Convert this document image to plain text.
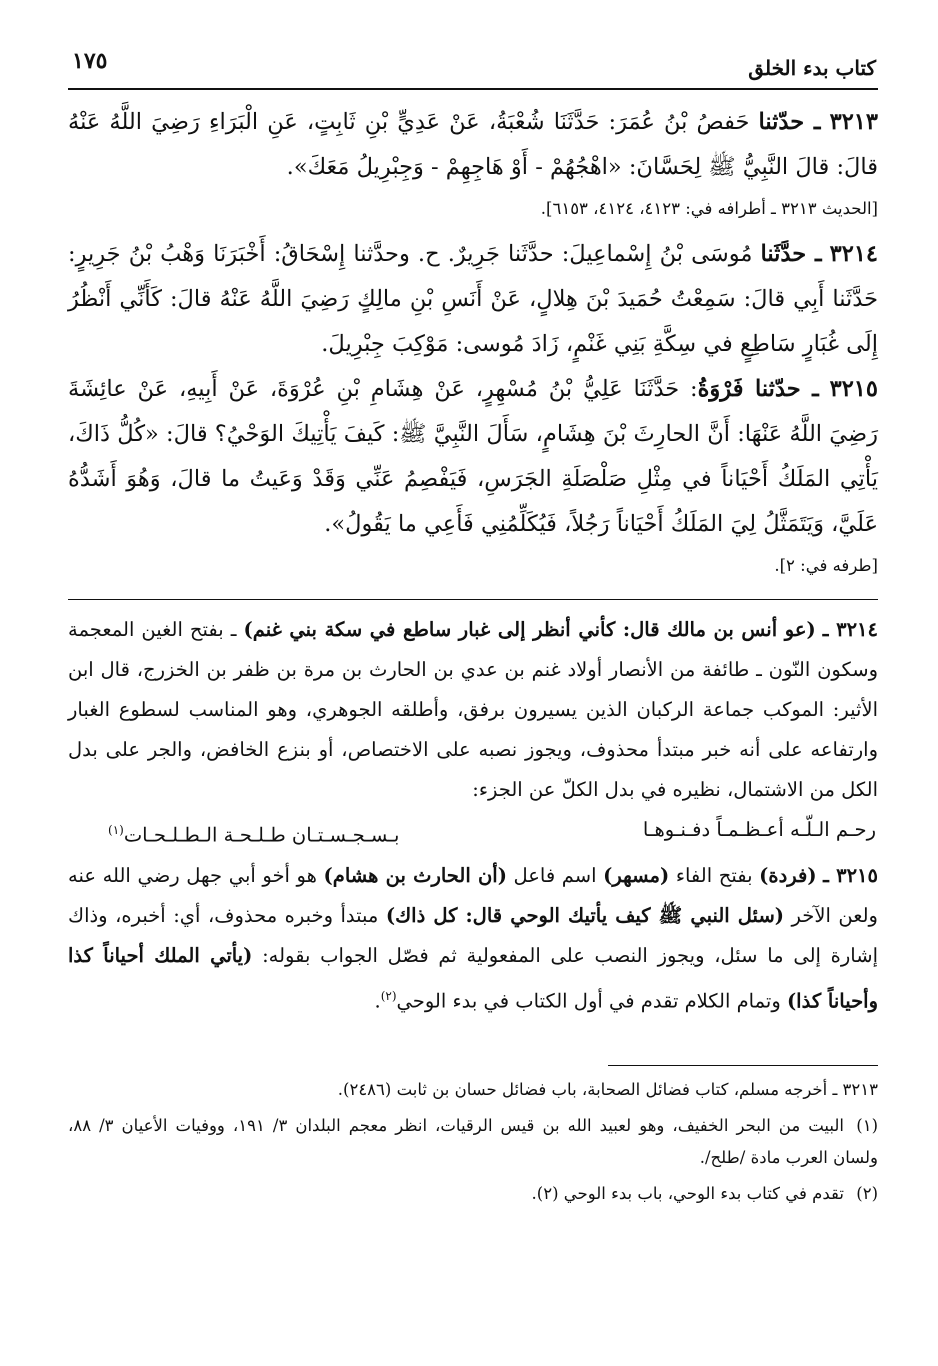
كتاب بدء الخلق
١٧٥

٣٢١٣ ـ حدّثنا حَفصُ بْنُ عُمَرَ: حَدَّثَنَا شُعْبَةُ، عَنْ عَدِيٍّ بْنِ ثَابِتٍ، عَنِ الْبَرَاءِ رَضِيَ اللَّهُ عَنْهُ قالَ: قالَ النَّبِيُّ ﷺ لِحَسَّانَ: «اهْجُهُمْ - أَوْ هَاجِهِمْ - وَجِبْرِيلُ مَعَكَ».

[الحديث ٣٢١٣ ـ أطرافه في: ٤١٢٣، ٤١٢٤، ٦١٥٣].

٣٢١٤ ـ حدَّثَنا مُوسَى بْنُ إِسْماعِيلَ: حدَّثَنا جَرِيرٌ. ح. وحدَّثنا إِسْحَاقُ: أَخْبَرَنَا وَهْبُ بْنُ جَرِيرٍ: حَدَّثَنا أَبِي قالَ: سَمِعْتُ حُمَيدَ بْنَ هِلالٍ، عَنْ أَنَسِ بْنِ مالِكٍ رَضِيَ اللَّهُ عَنْهُ قالَ: كَأَنِّي أَنْظُرُ إِلَى غُبَارٍ سَاطِعٍ في سِكَّةِ بَنِي غَنْمٍ، زَادَ مُوسى: مَوْكِبَ جِبْرِيلَ.

٣٢١٥ ـ حدّثنا فَرْوَةُ: حَدَّثَنَا عَلِيُّ بْنُ مُسْهِرٍ، عَنْ هِشَامِ بْنِ عُرْوَةَ، عَنْ أَبِيهِ، عَنْ عائِشَةَ رَضِيَ اللَّهُ عَنْهَا: أَنَّ الحارِثَ بْنَ هِشَامٍ، سَأَلَ النَّبِيَّ ﷺ: كَيفَ يَأْتِيكَ الوَحْيُ؟ قالَ: «كُلُّ ذَاكَ، يَأْتِي المَلَكُ أَحْيَاناً في مِثْلِ صَلْصَلَةِ الجَرَسِ، فَيَفْصِمُ عَنِّي وَقَدْ وَعَيتُ ما قالَ، وَهُوَ أَشَدُّهُ عَلَيَّ، وَيَتَمَثَّلُ لِيَ المَلَكُ أَحْيَاناً رَجُلاً، فَيُكَلِّمُنِي فَأَعِي ما يَقُولُ».

[طرفه في: ٢].

٣٢١٤ ـ (عو أنس بن مالك قال: كأني أنظر إلى غبار ساطع في سكة بني غنم) ـ بفتح الغين المعجمة وسكون النّون ـ طائفة من الأنصار أولاد غنم بن عدي بن الحارث بن مرة بن ظفر بن الخزرج، قال ابن الأثير: الموكب جماعة الركبان الذين يسيرون برفق، وأطلقه الجوهري، وهو المناسب لسطوع الغبار وارتفاعه على أنه خبر مبتدأ محذوف، ويجوز نصبه على الاختصاص، أو بنزع الخافض، والجر على بدل الكل من الاشتمال، نظيره في بدل الكلّ عن الجزء:

رحـم الـلّـه أعـظـمـاً دفـنـوهـا
بـسـجـسـتـان طـلـحـة الـطـلـحـات$^{(١)}$

٣٢١٥ ـ (فردة) بفتح الفاء (مسهر) اسم فاعل (أن الحارث بن هشام) هو أخو أبي جهل رضي الله عنه ولعن الآخر (سئل النبي ﷺ كيف يأتيك الوحي قال: كل ذاك) مبتدأ وخبره محذوف، أي: أخبره، وذاك إشارة إلى ما سئل، ويجوز النصب على المفعولية ثم فصّل الجواب بقوله: (يأتي الملك أحياناً كذا وأحياناً كذا) وتمام الكلام تقدم في أول الكتاب في بدء الوحي$^{(٢)}$.

٣٢١٣ ـ أخرجه مسلم، كتاب فضائل الصحابة، باب فضائل حسان بن ثابت (٢٤٨٦).

(١)البيت من البحر الخفيف، وهو لعبيد الله بن قيس الرقيات، انظر معجم البلدان ٣/ ١٩١، ووفيات الأعيان ٣/ ٨٨، ولسان العرب مادة /طلح/.

(٢)تقدم في كتاب بدء الوحي، باب بدء الوحي (٢).
